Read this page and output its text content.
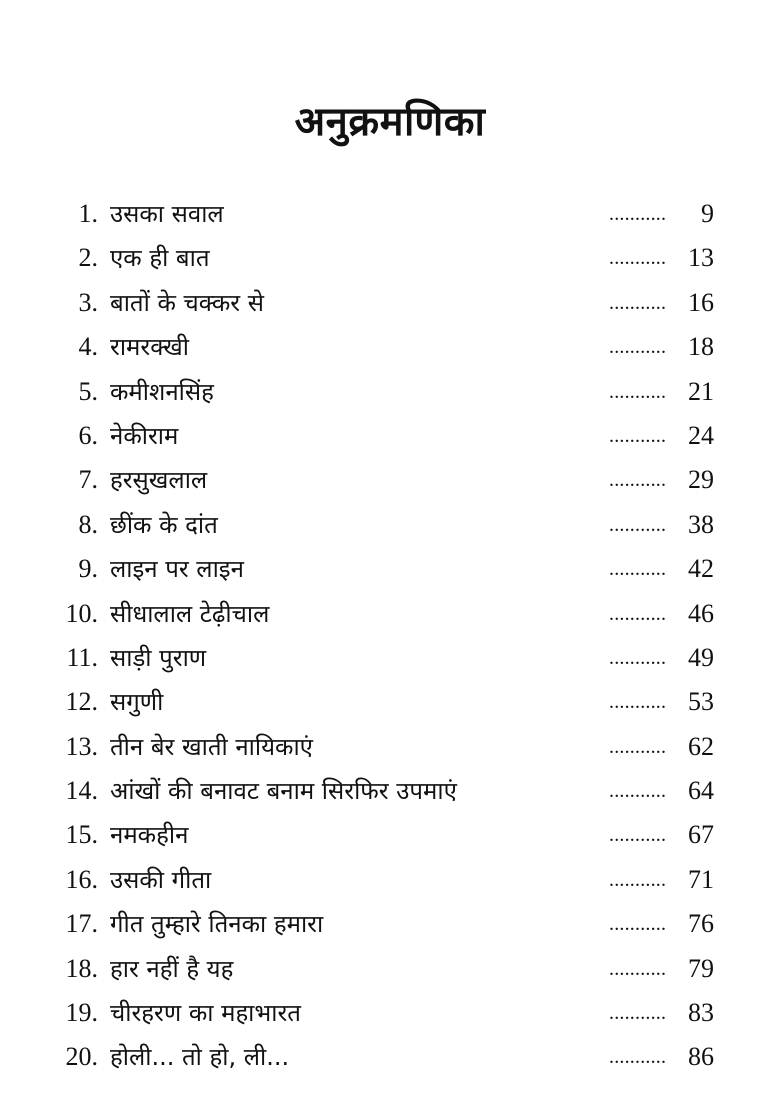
अनुक्रमणिका
1. उसका सवाल	...........	9
2. एक ही बात	........... 13
3. बातों के चक्कर से	........... 16
4. रामरक्खी	........... 18
5. कमीशनसिंह	........... 21
6. नेकीराम	........... 24
7. हरसुखलाल	........... 29
8. छींक के दांत	........... 38
9. लाइन पर लाइन	........... 42
10. सीधालाल टेढ़ीचाल	........... 46
11. साड़ी पुराण	........... 49
12. सगुणी	........... 53
13. तीन बेर खाती नायिकाएं	........... 62
14. आंखों की बनावट बनाम सिरफिर उपमाएं	........... 64
15. नमकहीन	........... 67
16. उसकी गीता	........... 71
17. गीत तुम्हारे तिनका हमारा	........... 76
18. हार नहीं है यह	........... 79
19. चीरहरण का महाभारत	........... 83
20. होली... तो हो, ली...	........... 86
